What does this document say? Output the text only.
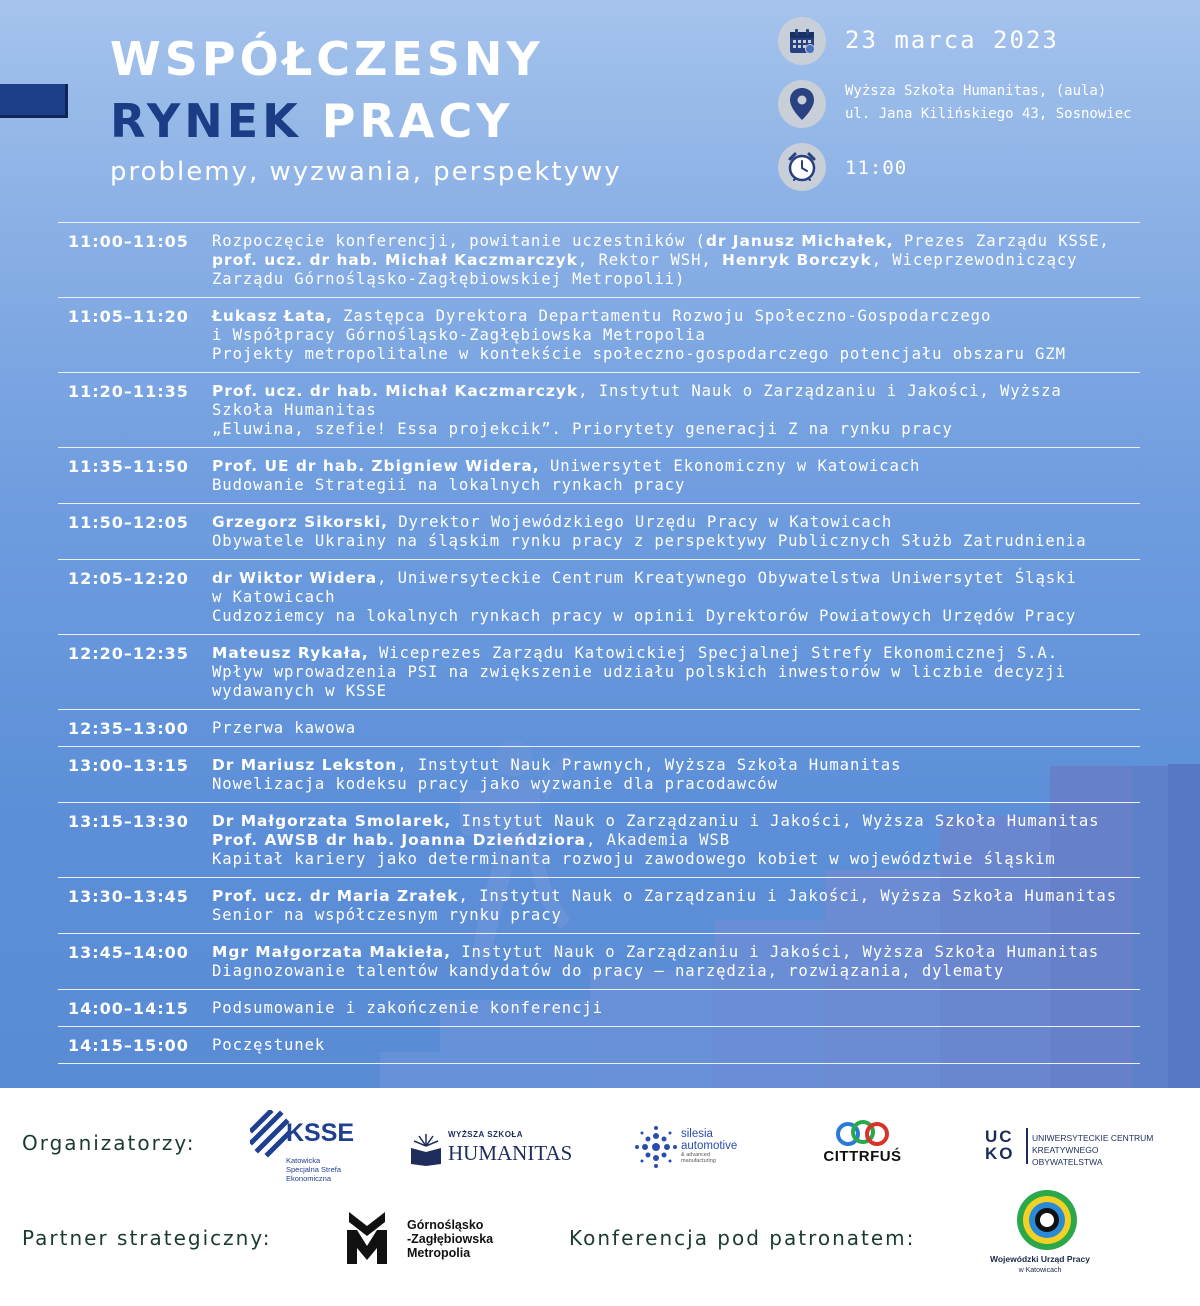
WSPÓŁCZESNY
RYNEK PRACY
problemy, wyzwania, perspektywy
23 marca 2023
Wyższa Szkoła Humanitas, (aula)
ul. Jana Kilińskiego 43, Sosnowiec
11:00
11:00–11:05	Rozpoczęcie konferencji, powitanie uczestników (dr Janusz Michałek, Prezes Zarządu KSSE,
prof. ucz. dr hab. Michał Kaczmarczyk, Rektor WSH, Henryk Borczyk, Wiceprzewodniczący
Zarządu Górnośląsko-Zagłębiowskiej Metropolii)
11:05–11:20	Łukasz Łata, Zastępca Dyrektora Departamentu Rozwoju Społeczno-Gospodarczego
i Współpracy Górnośląsko-Zagłębiowska Metropolia
Projekty metropolitalne w kontekście społeczno-gospodarczego potencjału obszaru GZM
11:20–11:35	Prof. ucz. dr hab. Michał Kaczmarczyk, Instytut Nauk o Zarządzaniu i Jakości, Wyższa
Szkoła Humanitas
„Eluwina, szefie! Essa projekcik”. Priorytety generacji Z na rynku pracy
11:35–11:50	Prof. UE dr hab. Zbigniew Widera, Uniwersytet Ekonomiczny w Katowicach
Budowanie Strategii na lokalnych rynkach pracy
11:50–12:05	Grzegorz Sikorski, Dyrektor Wojewódzkiego Urzędu Pracy w Katowicach
Obywatele Ukrainy na śląskim rynku pracy z perspektywy Publicznych Służb Zatrudnienia
12:05–12:20	dr Wiktor Widera, Uniwersyteckie Centrum Kreatywnego Obywatelstwa Uniwersytet Śląski
w Katowicach
Cudzoziemcy na lokalnych rynkach pracy w opinii Dyrektorów Powiatowych Urzędów Pracy
12:20–12:35	Mateusz Rykała, Wiceprezes Zarządu Katowickiej Specjalnej Strefy Ekonomicznej S.A.
Wpływ wprowadzenia PSI na zwiększenie udziału polskich inwestorów w liczbie decyzji
wydawanych w KSSE
12:35–13:00	Przerwa kawowa
13:00–13:15	Dr Mariusz Lekston, Instytut Nauk Prawnych, Wyższa Szkoła Humanitas
Nowelizacja kodeksu pracy jako wyzwanie dla pracodawców
13:15–13:30	Dr Małgorzata Smolarek, Instytut Nauk o Zarządzaniu i Jakości, Wyższa Szkoła Humanitas
Prof. AWSB dr hab. Joanna Dzieńdziora, Akademia WSB
Kapitał kariery jako determinanta rozwoju zawodowego kobiet w województwie śląskim
13:30–13:45	Prof. ucz. dr Maria Zrałek, Instytut Nauk o Zarządzaniu i Jakości, Wyższa Szkoła Humanitas
Senior na współczesnym rynku pracy
13:45–14:00	Mgr Małgorzata Makieła, Instytut Nauk o Zarządzaniu i Jakości, Wyższa Szkoła Humanitas
Diagnozowanie talentów kandydatów do pracy – narzędzia, rozwiązania, dylematy
14:00–14:15	Podsumowanie i zakończenie konferencji
14:15–15:00	Poczęstunek
Organizatorzy:
Partner strategiczny:	Konferencja pod patronatem:
KSSE
Katowicka
Specjalna Strefa
Ekonomiczna
WYŻSZA SZKOŁA
HUMANITAS
silesia
automotive
& advanced
manufacturing	CITTRFUŚ
UC
KO
UNIWERSYTECKIE CENTRUM
KREATYWNEGO OBYWATELSTWA
Górnośląsko
-Zagłębiowska
Metropolia	Wojewódzki Urząd Pracy
w Katowicach
